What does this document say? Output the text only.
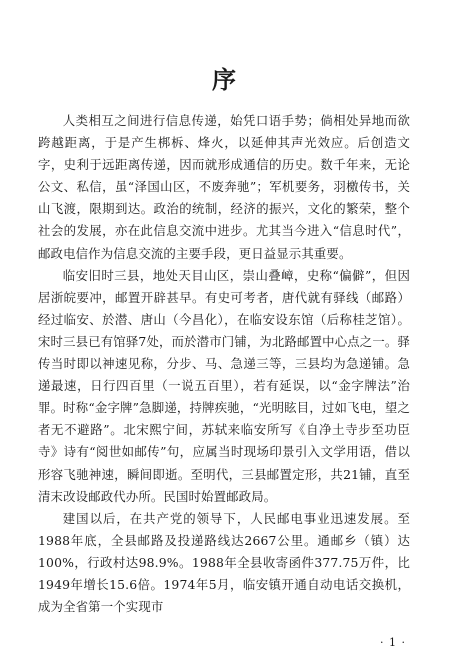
序

人类相互之间进行信息传递，始凭口语手势；倘相处异地而欲跨越距离，于是产生梆柝、烽火，以延伸其声光效应。后创造文字，史利于远距离传递，因而就形成通信的历史。数千年来，无论公文、私信，虽“泽国山区，不废奔驰”；军机要务，羽檄传书，关山飞渡，限期到达。政治的统制，经济的振兴，文化的繁荣，整个社会的发展，亦在此信息交流中进步。尤其当今进入“信息时代”，邮政电信作为信息交流的主要手段，更日益显示其重要。

临安旧时三县，地处天目山区，崇山叠嶂，史称“偏僻”，但因居浙皖要冲，邮置开辟甚早。有史可考者，唐代就有驿线（邮路）经过临安、於潜、唐山（今昌化），在临安设东馆（后称桂芝馆）。宋时三县已有馆驿7处，而於潜市门铺，为北路邮置中心点之一。驿传当时即以神速见称，分步、马、急递三等，三县均为急递铺。急递最速，日行四百里（一说五百里），若有延误，以“金字牌法”治罪。时称“金字牌”急脚递，持牌疾驰，“光明眩目，过如飞电，望之者无不避路”。北宋熙宁间，苏轼来临安所写《自净土寺步至功臣寺》诗有“阅世如邮传”句，应属当时现场印景引入文学用语，借以形容飞驰神速，瞬间即逝。至明代，三县邮置定形，共21铺，直至清末改设邮政代办所。民国时始置邮政局。

建国以后，在共产党的领导下，人民邮电事业迅速发展。至1988年底，全县邮路及投递路线达2667公里。通邮乡（镇）达100%，行政村达98.9%。1988年全县收寄函件377.75万件，比1949年增长15.6倍。1974年5月，临安镇开通自动电话交换机，成为全省第一个实现市

· 1 ·
